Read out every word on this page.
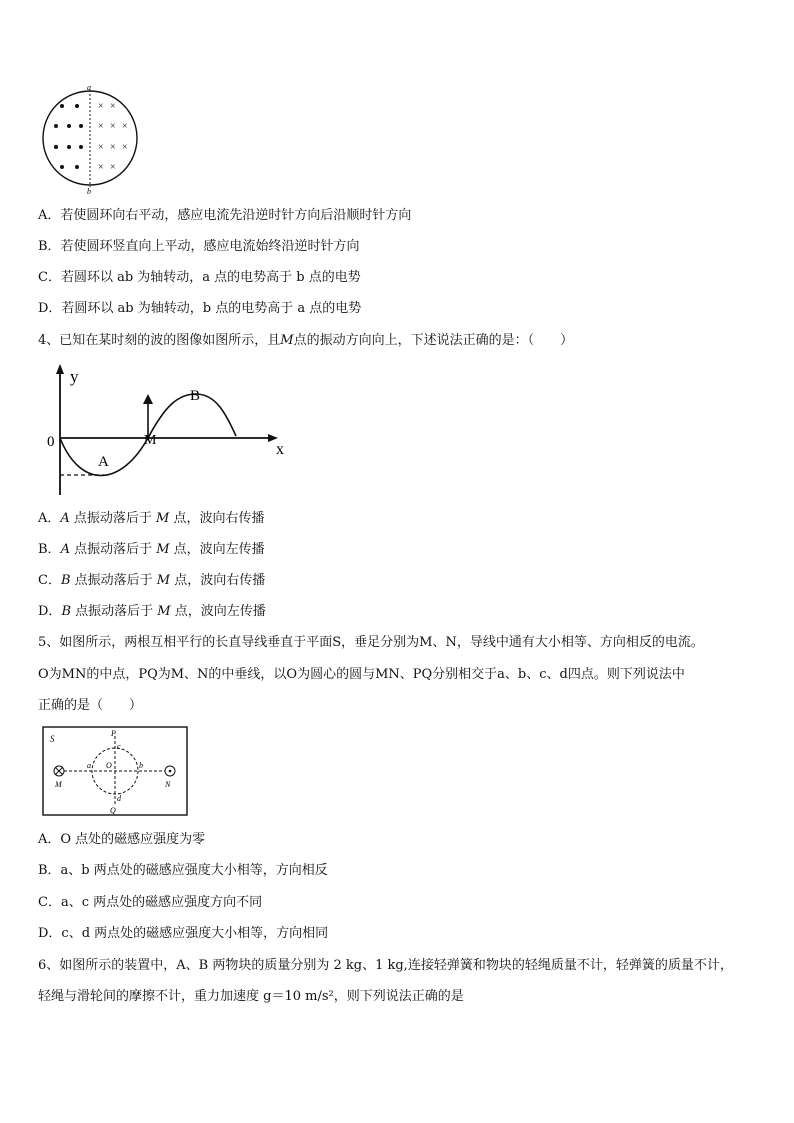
a
b
× ×
× × ×
× × ×
× ×
A．若使圆环向右平动，感应电流先沿逆时针方向后沿顺时针方向
B．若使圆环竖直向上平动，感应电流始终沿逆时针方向
C．若圆环以 ab 为轴转动，a 点的电势高于 b 点的电势
D．若圆环以 ab 为轴转动，b 点的电势高于 a 点的电势
4、已知在某时刻的波的图像如图所示，且M点的振动方向向上，下述说法正确的是：（　　）
y
x
0
A
B
M
A．A 点振动落后于 M 点，波向右传播
B．A 点振动落后于 M 点，波向左传播
C．B 点振动落后于 M 点，波向右传播
D．B 点振动落后于 M 点，波向左传播
5、如图所示，两根互相平行的长直导线垂直于平面S，垂足分别为M、N，导线中通有大小相等、方向相反的电流。
O为MN的中点，PQ为M、N的中垂线，以O为圆心的圆与MN、PQ分别相交于a、b、c、d四点。则下列说法中
正确的是（　　）
S
P
c
O
a	b
M	N
d
Q
A．O 点处的磁感应强度为零
B．a、b 两点处的磁感应强度大小相等，方向相反
C．a、c 两点处的磁感应强度方向不同
D．c、d 两点处的磁感应强度大小相等，方向相同
6、如图所示的装置中，A、B 两物块的质量分别为 2 kg、1 kg,连接轻弹簧和物块的轻绳质量不计，轻弹簧的质量不计，
轻绳与滑轮间的摩擦不计，重力加速度 g＝10 m/s²，则下列说法正确的是
